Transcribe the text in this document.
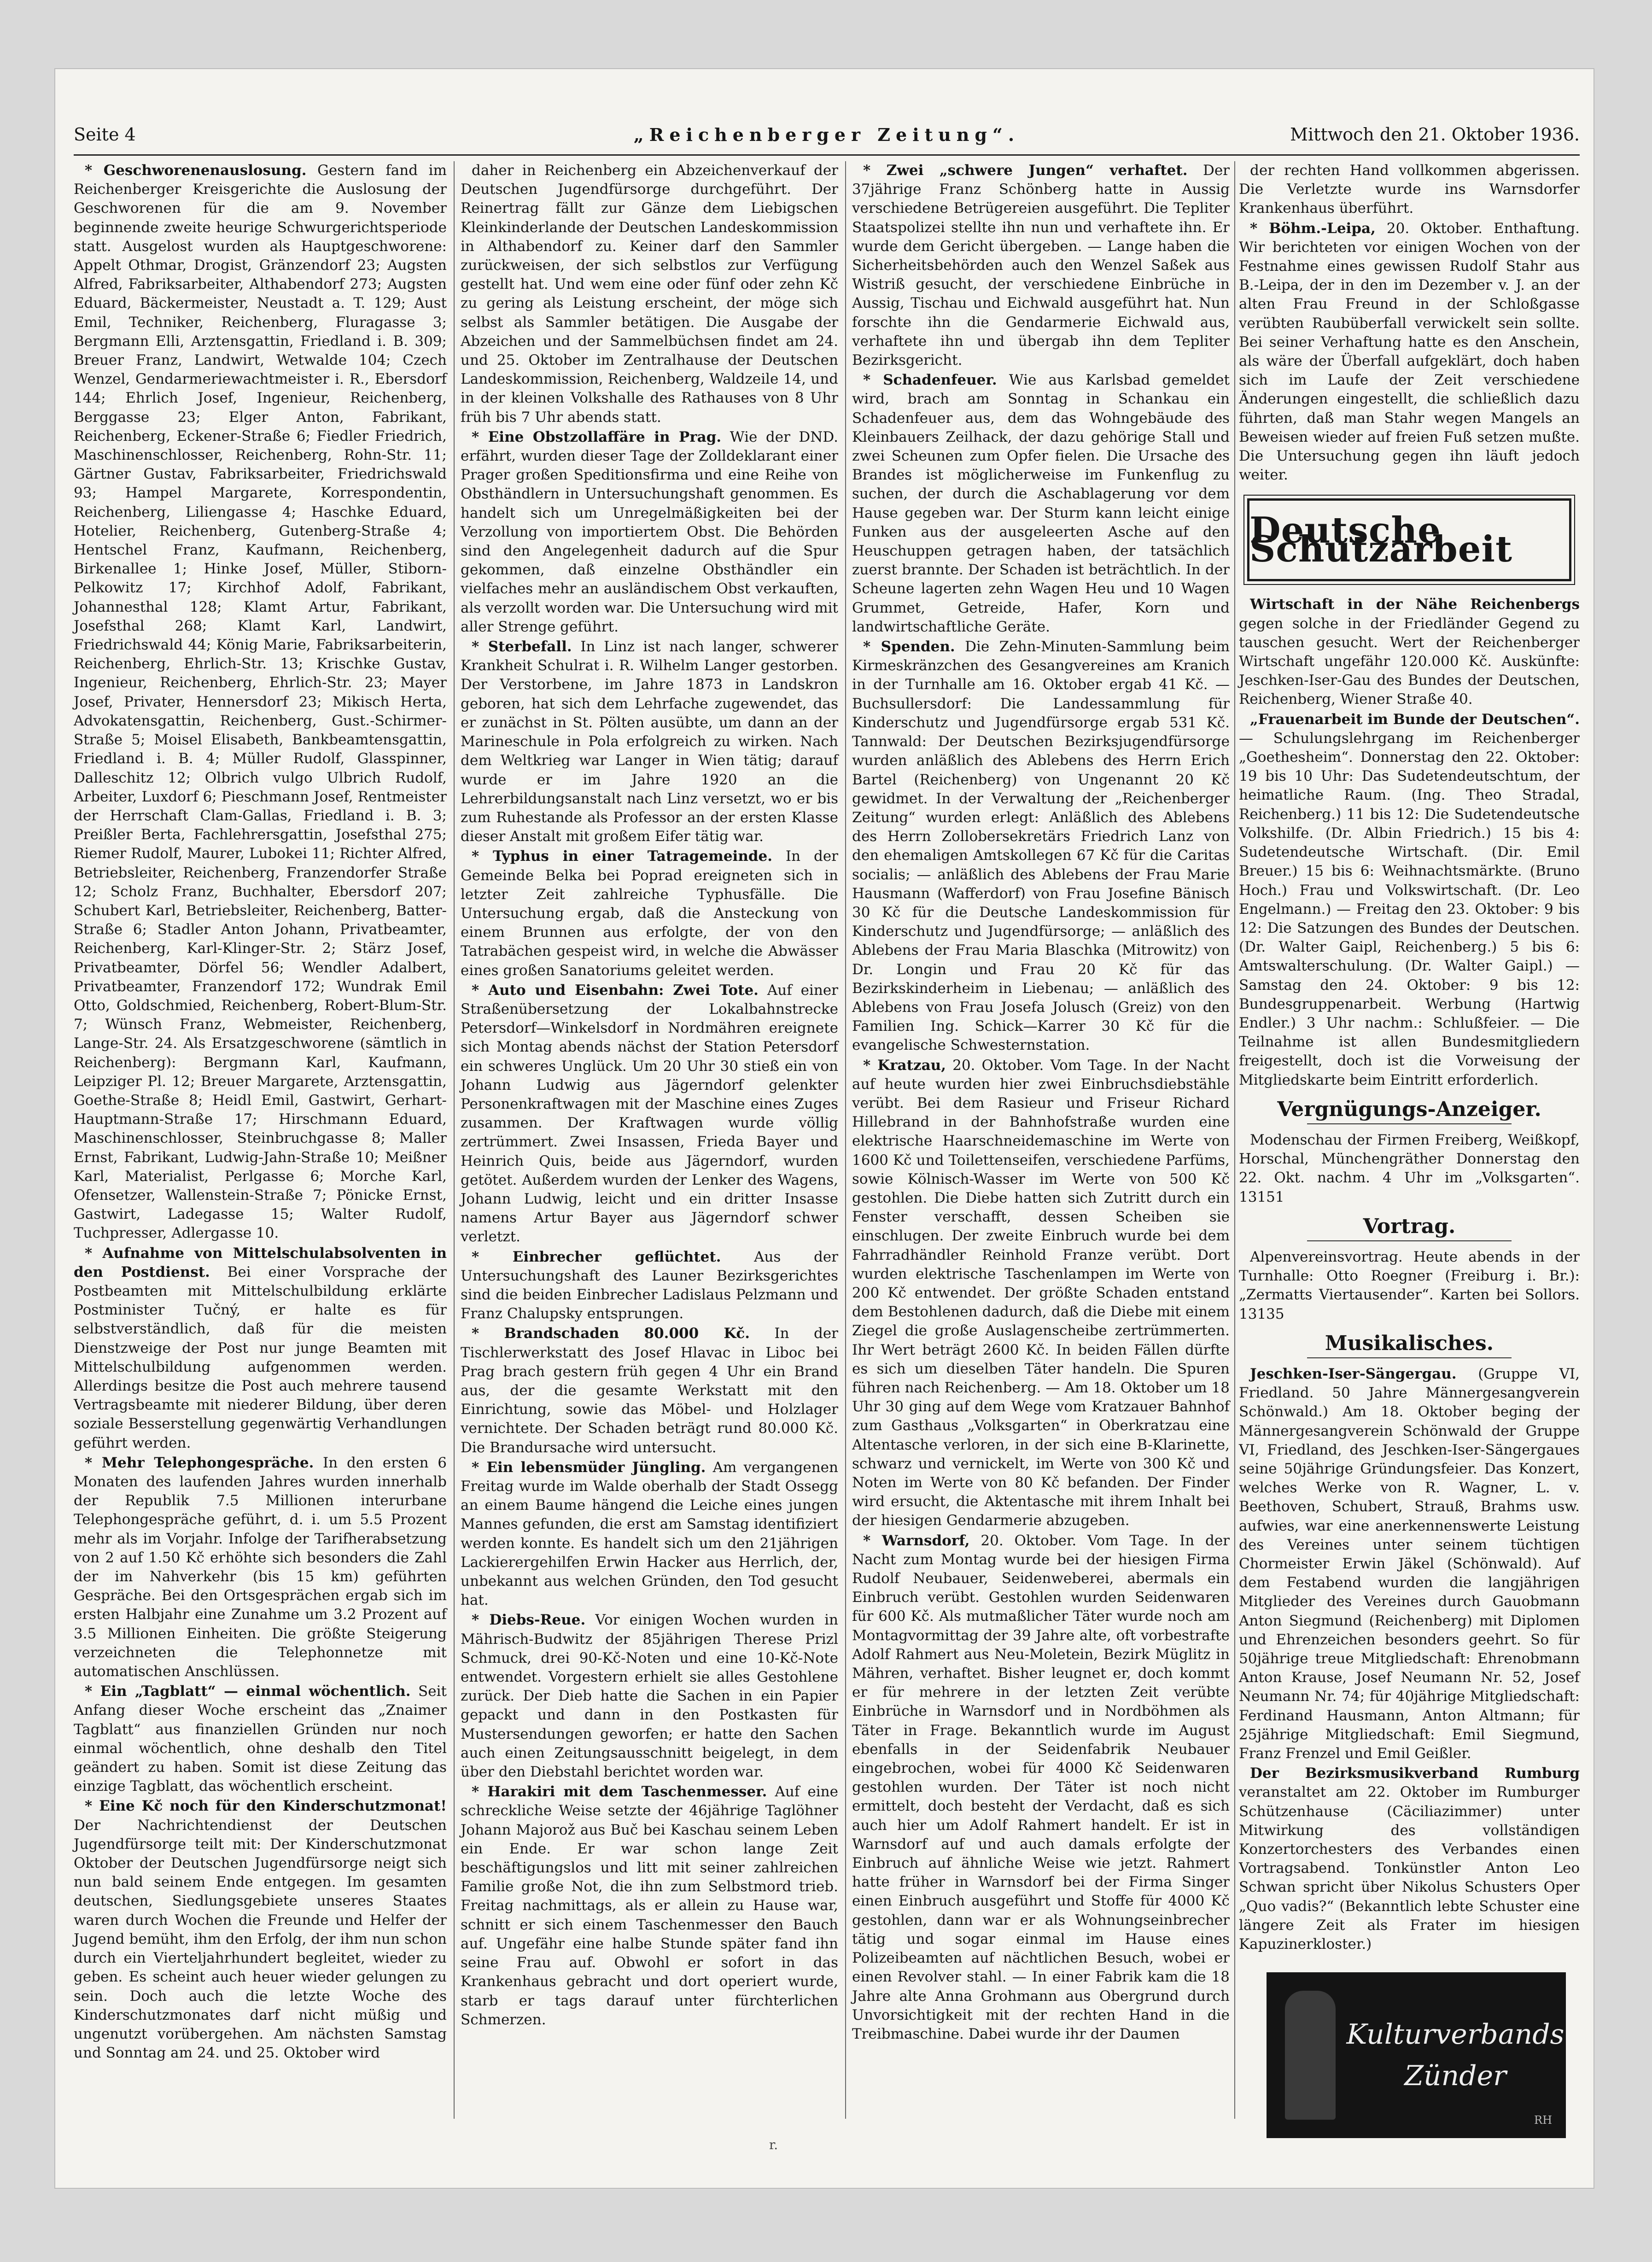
Seite 4	„Reichenberger Zeitung“.	Mittwoch den 21. Oktober 1936.

* Geschworenenauslosung. Gestern fand im Reichenberger Kreisgerichte die Auslosung der Geschworenen für die am 9. November beginnende zweite heurige Schwurgerichtsperiode statt. Ausgelost wurden als Hauptgeschworene: Appelt Othmar, Drogist, Gränzendorf 23; Augsten Alfred, Fabriksarbeiter, Althabendorf 273; Augsten Eduard, Bäckermeister, Neustadt a. T. 129; Aust Emil, Techniker, Reichenberg, Fluragasse 3; Bergmann Elli, Arztensgattin, Friedland i. B. 309; Breuer Franz, Landwirt, Wetwalde 104; Czech Wenzel, Gendarmeriewachtmeister i. R., Ebersdorf 144; Ehrlich Josef, Ingenieur, Reichenberg, Berggasse 23; Elger Anton, Fabrikant, Reichenberg, Eckener-Straße 6; Fiedler Friedrich, Maschinenschlosser, Reichenberg, Rohn-Str. 11; Gärtner Gustav, Fabriksarbeiter, Friedrichswald 93; Hampel Margarete, Korrespondentin, Reichenberg, Liliengasse 4; Haschke Eduard, Hotelier, Reichenberg, Gutenberg-Straße 4; Hentschel Franz, Kaufmann, Reichenberg, Birkenallee 1; Hinke Josef, Müller, Stiborn-Pelkowitz 17; Kirchhof Adolf, Fabrikant, Johannesthal 128; Klamt Artur, Fabrikant, Josefsthal 268; Klamt Karl, Landwirt, Friedrichswald 44; König Marie, Fabriksarbeiterin, Reichenberg, Ehrlich-Str. 13; Krischke Gustav, Ingenieur, Reichenberg, Ehrlich-Str. 23; Mayer Josef, Privater, Hennersdorf 23; Mikisch Herta, Advokatensgattin, Reichenberg, Gust.-Schirmer-Straße 5; Moisel Elisabeth, Bankbeamtensgattin, Friedland i. B. 4; Müller Rudolf, Glasspinner, Dalleschitz 12; Olbrich vulgo Ulbrich Rudolf, Arbeiter, Luxdorf 6; Pieschmann Josef, Rentmeister der Herrschaft Clam-Gallas, Friedland i. B. 3; Preißler Berta, Fachlehrersgattin, Josefsthal 275; Riemer Rudolf, Maurer, Lubokei 11; Richter Alfred, Betriebsleiter, Reichenberg, Franzendorfer Straße 12; Scholz Franz, Buchhalter, Ebersdorf 207; Schubert Karl, Betriebsleiter, Reichenberg, Batter-Straße 6; Stadler Anton Johann, Privatbeamter, Reichenberg, Karl-Klinger-Str. 2; Stärz Josef, Privatbeamter, Dörfel 56; Wendler Adalbert, Privatbeamter, Franzendorf 172; Wundrak Emil Otto, Goldschmied, Reichenberg, Robert-Blum-Str. 7; Wünsch Franz, Webmeister, Reichenberg, Lange-Str. 24. Als Ersatzgeschworene (sämtlich in Reichenberg): Bergmann Karl, Kaufmann, Leipziger Pl. 12; Breuer Margarete, Arztensgattin, Goethe-Straße 8; Heidl Emil, Gastwirt, Gerhart-Hauptmann-Straße 17; Hirschmann Eduard, Maschinenschlosser, Steinbruchgasse 8; Maller Ernst, Fabrikant, Ludwig-Jahn-Straße 10; Meißner Karl, Materialist, Perlgasse 6; Morche Karl, Ofensetzer, Wallenstein-Straße 7; Pönicke Ernst, Gastwirt, Ladegasse 15; Walter Rudolf, Tuchpresser, Adlergasse 10.

* Aufnahme von Mittelschulabsolventen in den Postdienst. Bei einer Vorsprache der Postbeamten mit Mittelschulbildung erklärte Postminister Tučný, er halte es für selbstverständlich, daß für die meisten Dienstzweige der Post nur junge Beamten mit Mittelschulbildung aufgenommen werden. Allerdings besitze die Post auch mehrere tausend Vertragsbeamte mit niederer Bildung, über deren soziale Besserstellung gegenwärtig Verhandlungen geführt werden.

* Mehr Telephongespräche. In den ersten 6 Monaten des laufenden Jahres wurden innerhalb der Republik 7.5 Millionen interurbane Telephongespräche geführt, d. i. um 5.5 Prozent mehr als im Vorjahr. Infolge der Tarifherabsetzung von 2 auf 1.50 Kč erhöhte sich besonders die Zahl der im Nahverkehr (bis 15 km) geführten Gespräche. Bei den Ortsgesprächen ergab sich im ersten Halbjahr eine Zunahme um 3.2 Prozent auf 3.5 Millionen Einheiten. Die größte Steigerung verzeichneten die Telephonnetze mit automatischen Anschlüssen.

* Ein „Tagblatt“ — einmal wöchentlich. Seit Anfang dieser Woche erscheint das „Znaimer Tagblatt“ aus finanziellen Gründen nur noch einmal wöchentlich, ohne deshalb den Titel geändert zu haben. Somit ist diese Zeitung das einzige Tagblatt, das wöchentlich erscheint.

* Eine Kč noch für den Kinderschutzmonat! Der Nachrichtendienst der Deutschen Jugendfürsorge teilt mit: Der Kinderschutzmonat Oktober der Deutschen Jugendfürsorge neigt sich nun bald seinem Ende entgegen. Im gesamten deutschen, Siedlungsgebiete unseres Staates waren durch Wochen die Freunde und Helfer der Jugend bemüht, ihm den Erfolg, der ihm nun schon durch ein Vierteljahrhundert begleitet, wieder zu geben. Es scheint auch heuer wieder gelungen zu sein. Doch auch die letzte Woche des Kinderschutzmonates darf nicht müßig und ungenutzt vorübergehen. Am nächsten Samstag und Sonntag am 24. und 25. Oktober wird

daher in Reichenberg ein Abzeichenverkauf der Deutschen Jugendfürsorge durchgeführt. Der Reinertrag fällt zur Gänze dem Liebigschen Kleinkinderlande der Deutschen Landeskommission in Althabendorf zu. Keiner darf den Sammler zurückweisen, der sich selbstlos zur Verfügung gestellt hat. Und wem eine oder fünf oder zehn Kč zu gering als Leistung erscheint, der möge sich selbst als Sammler betätigen. Die Ausgabe der Abzeichen und der Sammelbüchsen findet am 24. und 25. Oktober im Zentralhause der Deutschen Landeskommission, Reichenberg, Waldzeile 14, und in der kleinen Volkshalle des Rathauses von 8 Uhr früh bis 7 Uhr abends statt.

* Eine Obstzollaffäre in Prag. Wie der DND. erfährt, wurden dieser Tage der Zolldeklarant einer Prager großen Speditionsfirma und eine Reihe von Obsthändlern in Untersuchungshaft genommen. Es handelt sich um Unregelmäßigkeiten bei der Verzollung von importiertem Obst. Die Behörden sind den Angelegenheit dadurch auf die Spur gekommen, daß einzelne Obsthändler ein vielfaches mehr an ausländischem Obst verkauften, als verzollt worden war. Die Untersuchung wird mit aller Strenge geführt.

* Sterbefall. In Linz ist nach langer, schwerer Krankheit Schulrat i. R. Wilhelm Langer gestorben. Der Verstorbene, im Jahre 1873 in Landskron geboren, hat sich dem Lehrfache zugewendet, das er zunächst in St. Pölten ausübte, um dann an der Marineschule in Pola erfolgreich zu wirken. Nach dem Weltkrieg war Langer in Wien tätig; darauf wurde er im Jahre 1920 an die Lehrerbildungsanstalt nach Linz versetzt, wo er bis zum Ruhestande als Professor an der ersten Klasse dieser Anstalt mit großem Eifer tätig war.

* Typhus in einer Tatragemeinde. In der Gemeinde Belka bei Poprad ereigneten sich in letzter Zeit zahlreiche Typhusfälle. Die Untersuchung ergab, daß die Ansteckung von einem Brunnen aus erfolgte, der von den Tatrabächen gespeist wird, in welche die Abwässer eines großen Sanatoriums geleitet werden.

* Auto und Eisenbahn: Zwei Tote. Auf einer Straßenübersetzung der Lokalbahnstrecke Petersdorf—Winkelsdorf in Nordmähren ereignete sich Montag abends nächst der Station Petersdorf ein schweres Unglück. Um 20 Uhr 30 stieß ein von Johann Ludwig aus Jägerndorf gelenkter Personenkraftwagen mit der Maschine eines Zuges zusammen. Der Kraftwagen wurde völlig zertrümmert. Zwei Insassen, Frieda Bayer und Heinrich Quis, beide aus Jägerndorf, wurden getötet. Außerdem wurden der Lenker des Wagens, Johann Ludwig, leicht und ein dritter Insasse namens Artur Bayer aus Jägerndorf schwer verletzt.

* Einbrecher geflüchtet. Aus der Untersuchungshaft des Launer Bezirksgerichtes sind die beiden Einbrecher Ladislaus Pelzmann und Franz Chalupsky entsprungen.

* Brandschaden 80.000 Kč. In der Tischlerwerkstatt des Josef Hlavac in Liboc bei Prag brach gestern früh gegen 4 Uhr ein Brand aus, der die gesamte Werkstatt mit den Einrichtung, sowie das Möbel- und Holzlager vernichtete. Der Schaden beträgt rund 80.000 Kč. Die Brandursache wird untersucht.

* Ein lebensmüder Jüngling. Am vergangenen Freitag wurde im Walde oberhalb der Stadt Ossegg an einem Baume hängend die Leiche eines jungen Mannes gefunden, die erst am Samstag identifiziert werden konnte. Es handelt sich um den 21jährigen Lackierergehilfen Erwin Hacker aus Herrlich, der, unbekannt aus welchen Gründen, den Tod gesucht hat.

* Diebs-Reue. Vor einigen Wochen wurden in Mährisch-Budwitz der 85jährigen Therese Prizl Schmuck, drei 90-Kč-Noten und eine 10-Kč-Note entwendet. Vorgestern erhielt sie alles Gestohlene zurück. Der Dieb hatte die Sachen in ein Papier gepackt und dann in den Postkasten für Mustersendungen geworfen; er hatte den Sachen auch einen Zeitungsausschnitt beigelegt, in dem über den Diebstahl berichtet worden war.

* Harakiri mit dem Taschenmesser. Auf eine schreckliche Weise setzte der 46jährige Taglöhner Johann Majorož aus Buč bei Kaschau seinem Leben ein Ende. Er war schon lange Zeit beschäftigungslos und litt mit seiner zahlreichen Familie große Not, die ihn zum Selbstmord trieb. Freitag nachmittags, als er allein zu Hause war, schnitt er sich einem Taschenmesser den Bauch auf. Ungefähr eine halbe Stunde später fand ihn seine Frau auf. Obwohl er sofort in das Krankenhaus gebracht und dort operiert wurde, starb er tags darauf unter fürchterlichen Schmerzen.

* Zwei „schwere Jungen“ verhaftet. Der 37jährige Franz Schönberg hatte in Aussig verschiedene Betrügereien ausgeführt. Die Tepliter Staatspolizei stellte ihn nun und verhaftete ihn. Er wurde dem Gericht übergeben. — Lange haben die Sicherheitsbehörden auch den Wenzel Saßek aus Wistriß gesucht, der verschiedene Einbrüche in Aussig, Tischau und Eichwald ausgeführt hat. Nun forschte ihn die Gendarmerie Eichwald aus, verhaftete ihn und übergab ihn dem Tepliter Bezirksgericht.

* Schadenfeuer. Wie aus Karlsbad gemeldet wird, brach am Sonntag in Schankau ein Schadenfeuer aus, dem das Wohngebäude des Kleinbauers Zeilhack, der dazu gehörige Stall und zwei Scheunen zum Opfer fielen. Die Ursache des Brandes ist möglicherweise im Funkenflug zu suchen, der durch die Aschablagerung vor dem Hause gegeben war. Der Sturm kann leicht einige Funken aus der ausgeleerten Asche auf den Heuschuppen getragen haben, der tatsächlich zuerst brannte. Der Schaden ist beträchtlich. In der Scheune lagerten zehn Wagen Heu und 10 Wagen Grummet, Getreide, Hafer, Korn und landwirtschaftliche Geräte.

* Spenden. Die Zehn-Minuten-Sammlung beim Kirmeskränzchen des Gesangvereines am Kranich in der Turnhalle am 16. Oktober ergab 41 Kč. — Buchsullersdorf: Die Landessammlung für Kinderschutz und Jugendfürsorge ergab 531 Kč. Tannwald: Der Deutschen Bezirksjugendfürsorge wurden anläßlich des Ablebens des Herrn Erich Bartel (Reichenberg) von Ungenannt 20 Kč gewidmet. In der Verwaltung der „Reichenberger Zeitung“ wurden erlegt: Anläßlich des Ablebens des Herrn Zollobersekretärs Friedrich Lanz von den ehemaligen Amtskollegen 67 Kč für die Caritas socialis; — anläßlich des Ablebens der Frau Marie Hausmann (Wafferdorf) von Frau Josefine Bänisch 30 Kč für die Deutsche Landeskommission für Kinderschutz und Jugendfürsorge; — anläßlich des Ablebens der Frau Maria Blaschka (Mitrowitz) von Dr. Longin und Frau 20 Kč für das Bezirkskinderheim in Liebenau; — anläßlich des Ablebens von Frau Josefa Jolusch (Greiz) von den Familien Ing. Schick—Karrer 30 Kč für die evangelische Schwesternstation.

* Kratzau, 20. Oktober. Vom Tage. In der Nacht auf heute wurden hier zwei Einbruchsdiebstähle verübt. Bei dem Rasieur und Friseur Richard Hillebrand in der Bahnhofstraße wurden eine elektrische Haarschneidemaschine im Werte von 1600 Kč und Toilettenseifen, verschiedene Parfüms, sowie Kölnisch-Wasser im Werte von 500 Kč gestohlen. Die Diebe hatten sich Zutritt durch ein Fenster verschafft, dessen Scheiben sie einschlugen. Der zweite Einbruch wurde bei dem Fahrradhändler Reinhold Franze verübt. Dort wurden elektrische Taschenlampen im Werte von 200 Kč entwendet. Der größte Schaden entstand dem Bestohlenen dadurch, daß die Diebe mit einem Ziegel die große Auslagenscheibe zertrümmerten. Ihr Wert beträgt 2600 Kč. In beiden Fällen dürfte es sich um dieselben Täter handeln. Die Spuren führen nach Reichenberg. — Am 18. Oktober um 18 Uhr 30 ging auf dem Wege vom Kratzauer Bahnhof zum Gasthaus „Volksgarten“ in Oberkratzau eine Altentasche verloren, in der sich eine B-Klarinette, schwarz und vernickelt, im Werte von 300 Kč und Noten im Werte von 80 Kč befanden. Der Finder wird ersucht, die Aktentasche mit ihrem Inhalt bei der hiesigen Gendarmerie abzugeben.

* Warnsdorf, 20. Oktober. Vom Tage. In der Nacht zum Montag wurde bei der hiesigen Firma Rudolf Neubauer, Seidenweberei, abermals ein Einbruch verübt. Gestohlen wurden Seidenwaren für 600 Kč. Als mutmaßlicher Täter wurde noch am Montagvormittag der 39 Jahre alte, oft vorbestrafte Adolf Rahmert aus Neu-Moletein, Bezirk Müglitz in Mähren, verhaftet. Bisher leugnet er, doch kommt er für mehrere in der letzten Zeit verübte Einbrüche in Warnsdorf und in Nordböhmen als Täter in Frage. Bekanntlich wurde im August ebenfalls in der Seidenfabrik Neubauer eingebrochen, wobei für 4000 Kč Seidenwaren gestohlen wurden. Der Täter ist noch nicht ermittelt, doch besteht der Verdacht, daß es sich auch hier um Adolf Rahmert handelt. Er ist in Warnsdorf auf und auch damals erfolgte der Einbruch auf ähnliche Weise wie jetzt. Rahmert hatte früher in Warnsdorf bei der Firma Singer einen Einbruch ausgeführt und Stoffe für 4000 Kč gestohlen, dann war er als Wohnungseinbrecher tätig und sogar einmal im Hause eines Polizeibeamten auf nächtlichen Besuch, wobei er einen Revolver stahl. — In einer Fabrik kam die 18 Jahre alte Anna Grohmann aus Obergrund durch Unvorsichtigkeit mit der rechten Hand in die Treibmaschine. Dabei wurde ihr der Daumen

der rechten Hand vollkommen abgerissen. Die Verletzte wurde ins Warnsdorfer Krankenhaus überführt.

* Böhm.-Leipa, 20. Oktober. Enthaftung. Wir berichteten vor einigen Wochen von der Festnahme eines gewissen Rudolf Stahr aus B.-Leipa, der in den im Dezember v. J. an der alten Frau Freund in der Schloßgasse verübten Raubüberfall verwickelt sein sollte. Bei seiner Verhaftung hatte es den Anschein, als wäre der Überfall aufgeklärt, doch haben sich im Laufe der Zeit verschiedene Änderungen eingestellt, die schließlich dazu führten, daß man Stahr wegen Mangels an Beweisen wieder auf freien Fuß setzen mußte. Die Untersuchung gegen ihn läuft jedoch weiter.

Deutsche Schutzarbeit

Wirtschaft in der Nähe Reichenbergs gegen solche in der Friedländer Gegend zu tauschen gesucht. Wert der Reichenberger Wirtschaft ungefähr 120.000 Kč. Auskünfte: Jeschken-Iser-Gau des Bundes der Deutschen, Reichenberg, Wiener Straße 40.

„Frauenarbeit im Bunde der Deutschen“. — Schulungslehrgang im Reichenberger „Goethesheim“. Donnerstag den 22. Oktober: 19 bis 10 Uhr: Das Sudetendeutschtum, der heimatliche Raum. (Ing. Theo Stradal, Reichenberg.) 11 bis 12: Die Sudetendeutsche Volkshilfe. (Dr. Albin Friedrich.) 15 bis 4: Sudetendeutsche Wirtschaft. (Dir. Emil Breuer.) 15 bis 6: Weihnachtsmärkte. (Bruno Hoch.) Frau und Volkswirtschaft. (Dr. Leo Engelmann.) — Freitag den 23. Oktober: 9 bis 12: Die Satzungen des Bundes der Deutschen. (Dr. Walter Gaipl, Reichenberg.) 5 bis 6: Amtswalterschulung. (Dr. Walter Gaipl.) — Samstag den 24. Oktober: 9 bis 12: Bundesgruppenarbeit. Werbung (Hartwig Endler.) 3 Uhr nachm.: Schlußfeier. — Die Teilnahme ist allen Bundesmitgliedern freigestellt, doch ist die Vorweisung der Mitgliedskarte beim Eintritt erforderlich.

Vergnügungs-Anzeiger.

Modenschau der Firmen Freiberg, Weißkopf, Horschal, Münchengräther Donnerstag den 22. Okt. nachm. 4 Uhr im „Volksgarten“. 13151

Vortrag.

Alpenvereinsvortrag. Heute abends in der Turnhalle: Otto Roegner (Freiburg i. Br.): „Zermatts Viertausender“. Karten bei Sollors. 13135

Musikalisches.

Jeschken-Iser-Sängergau. (Gruppe VI, Friedland. 50 Jahre Männergesangverein Schönwald.) Am 18. Oktober beging der Männergesangverein Schönwald der Gruppe VI, Friedland, des Jeschken-Iser-Sängergaues seine 50jährige Gründungsfeier. Das Konzert, welches Werke von R. Wagner, L. v. Beethoven, Schubert, Strauß, Brahms usw. aufwies, war eine anerkennenswerte Leistung des Vereines unter seinem tüchtigen Chormeister Erwin Jäkel (Schönwald). Auf dem Festabend wurden die langjährigen Mitglieder des Vereines durch Gauobmann Anton Siegmund (Reichenberg) mit Diplomen und Ehrenzeichen besonders geehrt. So für 50jährige treue Mitgliedschaft: Ehrenobmann Anton Krause, Josef Neumann Nr. 52, Josef Neumann Nr. 74; für 40jährige Mitgliedschaft: Ferdinand Hausmann, Anton Altmann; für 25jährige Mitgliedschaft: Emil Siegmund, Franz Frenzel und Emil Geißler.

Der Bezirksmusikverband Rumburg veranstaltet am 22. Oktober im Rumburger Schützenhause (Cäciliazimmer) unter Mitwirkung des vollständigen Konzertorchesters des Verbandes einen Vortragsabend. Tonkünstler Anton Leo Schwan spricht über Nikolus Schusters Oper „Quo vadis?“ (Bekanntlich lebte Schuster eine längere Zeit als Frater im hiesigen Kapuzinerkloster.)

Kulturverbands
Zünder
RH
r.
